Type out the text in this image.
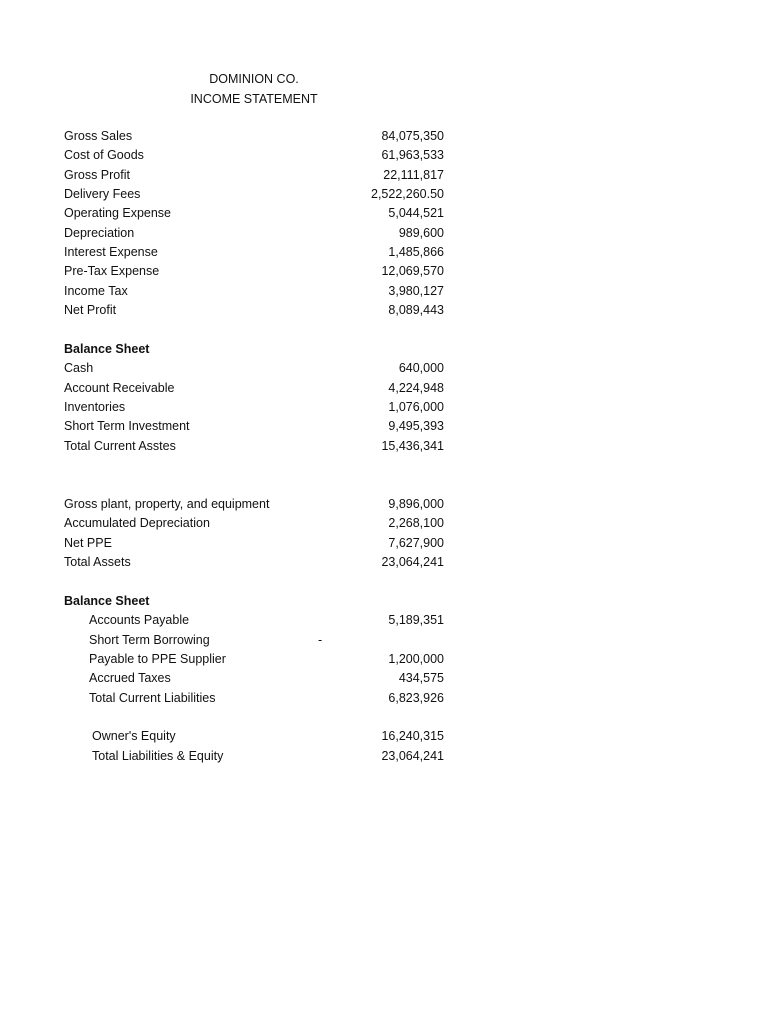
DOMINION CO.
INCOME STATEMENT
Gross Sales	84,075,350
Cost of Goods	61,963,533
Gross Profit	22,111,817
Delivery Fees	2,522,260.50
Operating Expense	5,044,521
Depreciation	989,600
Interest Expense	1,485,866
Pre-Tax Expense	12,069,570
Income Tax	3,980,127
Net Profit	8,089,443
Balance Sheet
Cash	640,000
Account Receivable	4,224,948
Inventories	1,076,000
Short Term Investment	9,495,393
Total Current Asstes	15,436,341
Gross plant, property, and equipment	9,896,000
Accumulated Depreciation	2,268,100
Net PPE	7,627,900
Total Assets	23,064,241
Balance Sheet
Accounts Payable	5,189,351
Short Term Borrowing	-
Payable to PPE Supplier	1,200,000
Accrued Taxes	434,575
Total Current Liabilities	6,823,926
Owner's Equity	16,240,315
Total Liabilities & Equity	23,064,241
